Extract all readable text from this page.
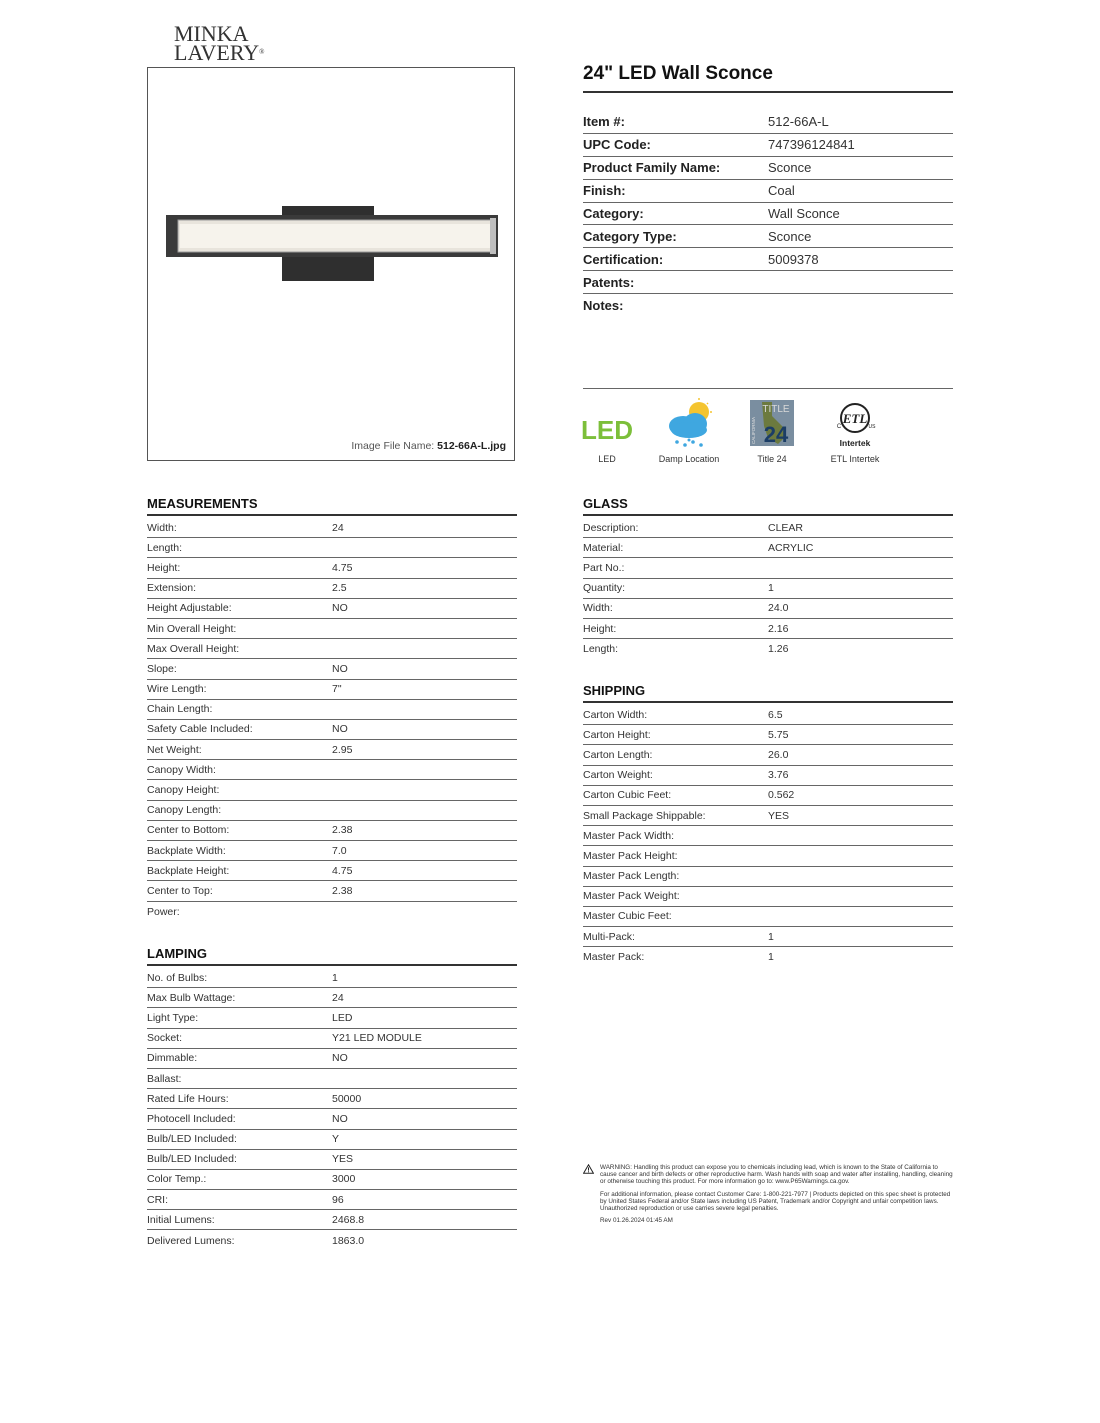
MINKA
LAVERY®
Image File Name: 512-66A-L.jpg
24" LED Wall Sconce
Item #:	512-66A-L
UPC Code:	747396124841
Product Family Name:	Sconce
Finish:	Coal
Category:	Wall Sconce
Category Type:	Sconce
Certification:	5009378
Patents:
Notes:
LED
LED	Damp Location
TITLE
24
CALIFORNIA
Title 24
ETL
C	US
Intertek
ETL Intertek
MEASUREMENTS
Width:	24
Length:
Height:	4.75
Extension:	2.5
Height Adjustable:	NO
Min Overall Height:
Max Overall Height:
Slope:	NO
Wire Length:	7"
Chain Length:
Safety Cable Included:	NO
Net Weight:	2.95
Canopy Width:
Canopy Height:
Canopy Length:
Center to Bottom:	2.38
Backplate Width:	7.0
Backplate Height:	4.75
Center to Top:	2.38
Power:
LAMPING
No. of Bulbs:	1
Max Bulb Wattage:	24
Light Type:	LED
Socket:	Y21 LED MODULE
Dimmable:	NO
Ballast:
Rated Life Hours:	50000
Photocell Included:	NO
Bulb/LED Included:	Y
Bulb/LED Included:	YES
Color Temp.:	3000
CRI:	96
Initial Lumens:	2468.8
Delivered Lumens:	1863.0
GLASS
Description:	CLEAR
Material:	ACRYLIC
Part No.:
Quantity:	1
Width:	24.0
Height:	2.16
Length:	1.26
SHIPPING
Carton Width:	6.5
Carton Height:	5.75
Carton Length:	26.0
Carton Weight:	3.76
Carton Cubic Feet:	0.562
Small Package Shippable:	YES
Master Pack Width:
Master Pack Height:
Master Pack Length:
Master Pack Weight:
Master Cubic Feet:
Multi-Pack:	1
Master Pack:	1
WARNING: Handling this product can expose you to chemicals including lead, which is known to the State of California to cause cancer and birth defects or other reproductive harm. Wash hands with soap and water after installing, handling, cleaning or otherwise touching this product. For more information go to: www.P65Warnings.ca.gov.
For additional information, please contact Customer Care: 1-800-221-7977 | Products depicted on this spec sheet is protected by United States Federal and/or State laws including US Patent, Trademark and/or Copyright and unfair competition laws. Unauthorized reproduction or use carries severe legal penalties.
Rev 01.26.2024 01:45 AM
